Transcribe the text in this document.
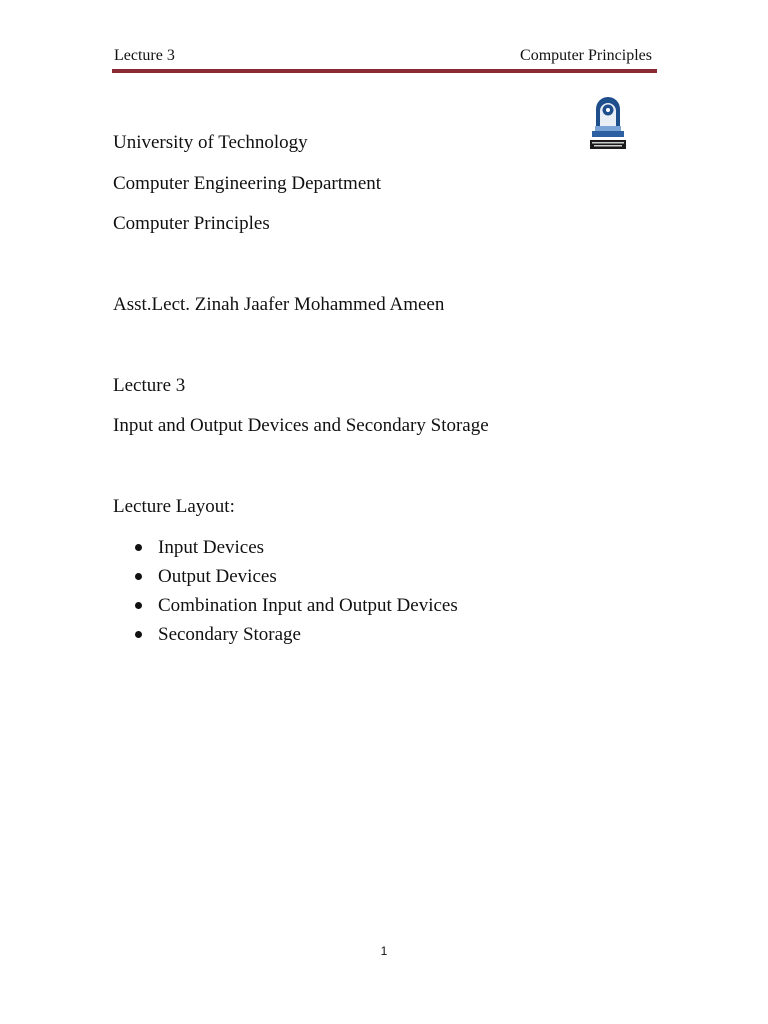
Lecture 3	Computer Principles
University of Technology
Computer Engineering Department
Computer Principles
Asst.Lect. Zinah Jaafer Mohammed Ameen
Lecture 3
Input and Output Devices and Secondary Storage
Lecture Layout:
Input Devices
Output Devices
Combination Input and Output Devices
Secondary Storage
1
